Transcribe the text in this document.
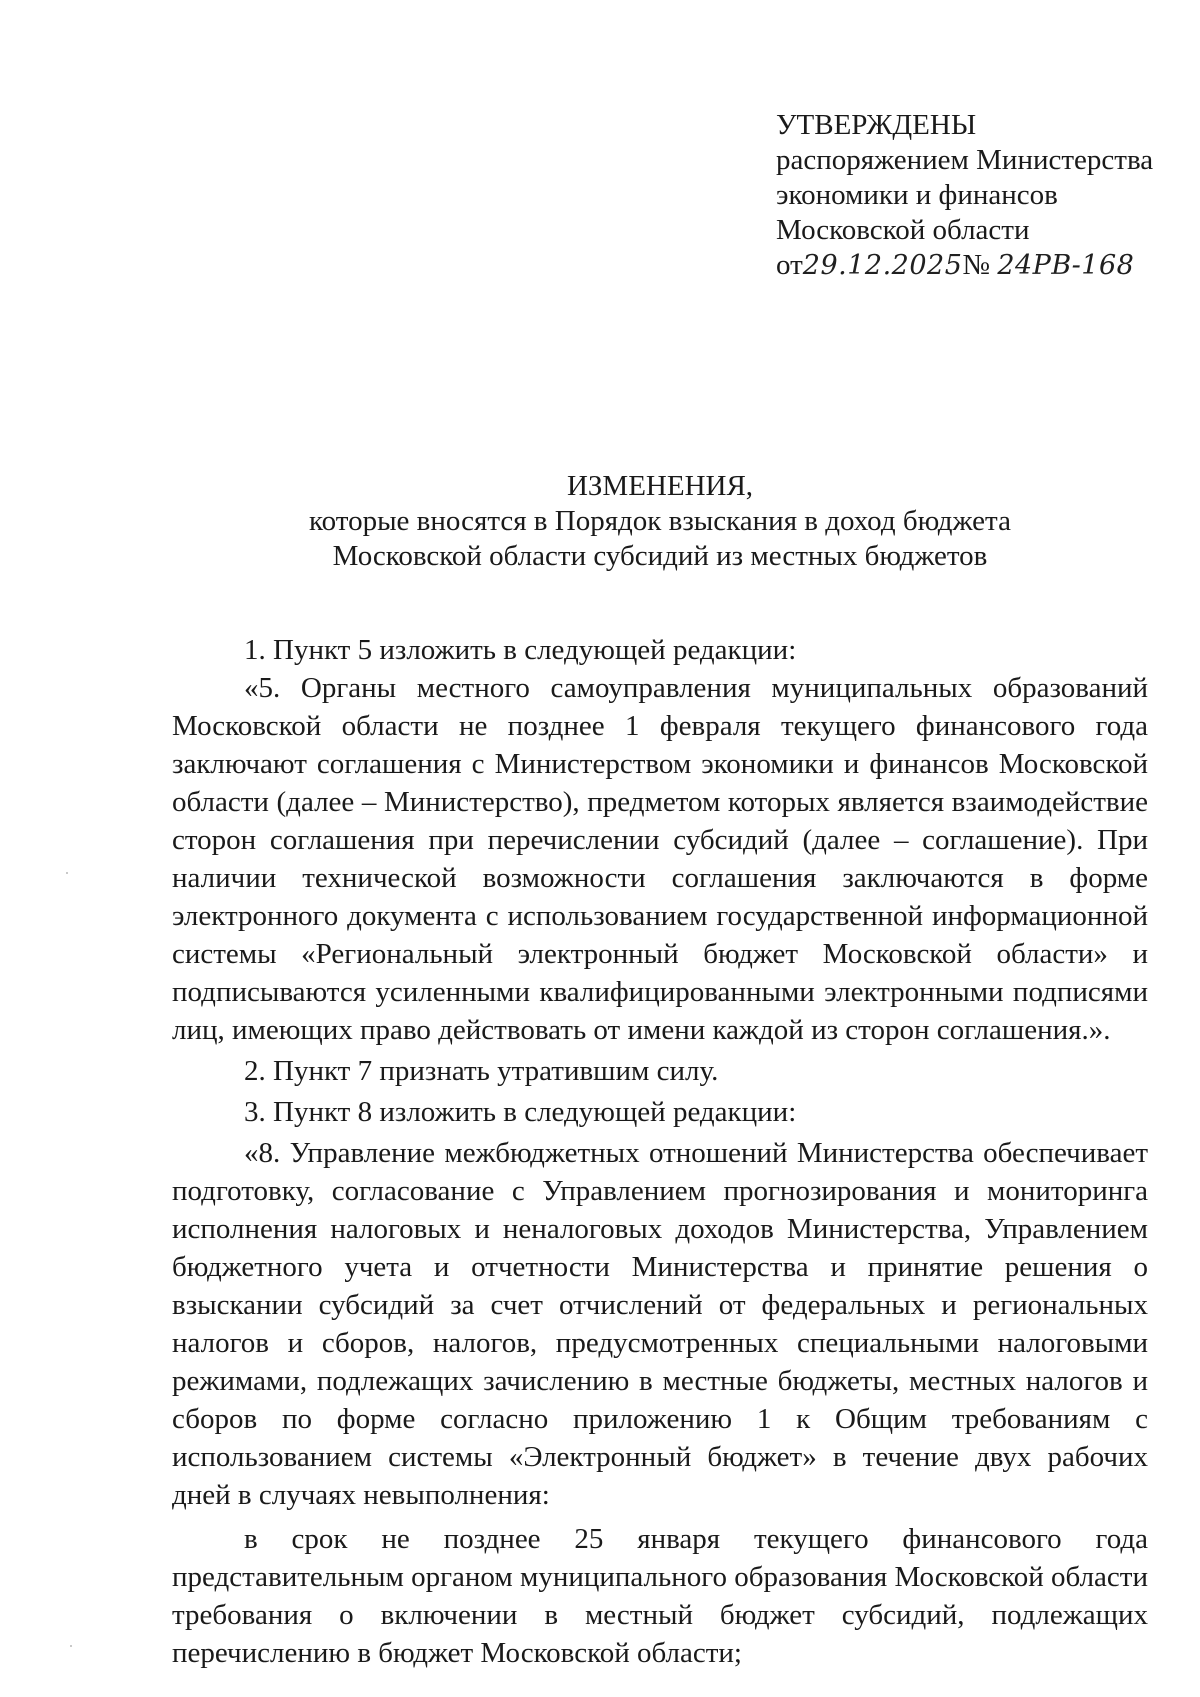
УТВЕРЖДЕНЫ
распоряжением Министерства
экономики и финансов
Московской области
от29.12.2025№ 24РВ-168
ИЗМЕНЕНИЯ,
которые вносятся в Порядок взыскания в доход бюджета
Московской области субсидий из местных бюджетов

1. Пункт 5 изложить в следующей редакции:

«5. Органы местного самоуправления муниципальных образований Московской области не позднее 1 февраля текущего финансового года заключают соглашения с Министерством экономики и финансов Московской области (далее – Министерство), предметом которых является взаимодействие сторон соглашения при перечислении субсидий (далее – соглашение). При наличии технической возможности соглашения заключаются в форме электронного документа с использованием государственной информационной системы «Региональный электронный бюджет Московской области» и подписываются усиленными квалифицированными электронными подписями лиц, имеющих право действовать от имени каждой из сторон соглашения.».

2. Пункт 7 признать утратившим силу.

3. Пункт 8 изложить в следующей редакции:

«8. Управление межбюджетных отношений Министерства обеспечивает подготовку, согласование с Управлением прогнозирования и мониторинга исполнения налоговых и неналоговых доходов Министерства, Управлением бюджетного учета и отчетности Министерства и принятие решения о взыскании субсидий за счет отчислений от федеральных и региональных налогов и сборов, налогов, предусмотренных специальными налоговыми режимами, подлежащих зачислению в местные бюджеты, местных налогов и сборов по форме согласно приложению 1 к Общим требованиям с использованием системы «Электронный бюджет» в течение двух рабочих дней в случаях невыполнения:

в срок не позднее 25 января текущего финансового года представительным органом муниципального образования Московской области требования о включении в местный бюджет субсидий, подлежащих перечислению в бюджет Московской области;
